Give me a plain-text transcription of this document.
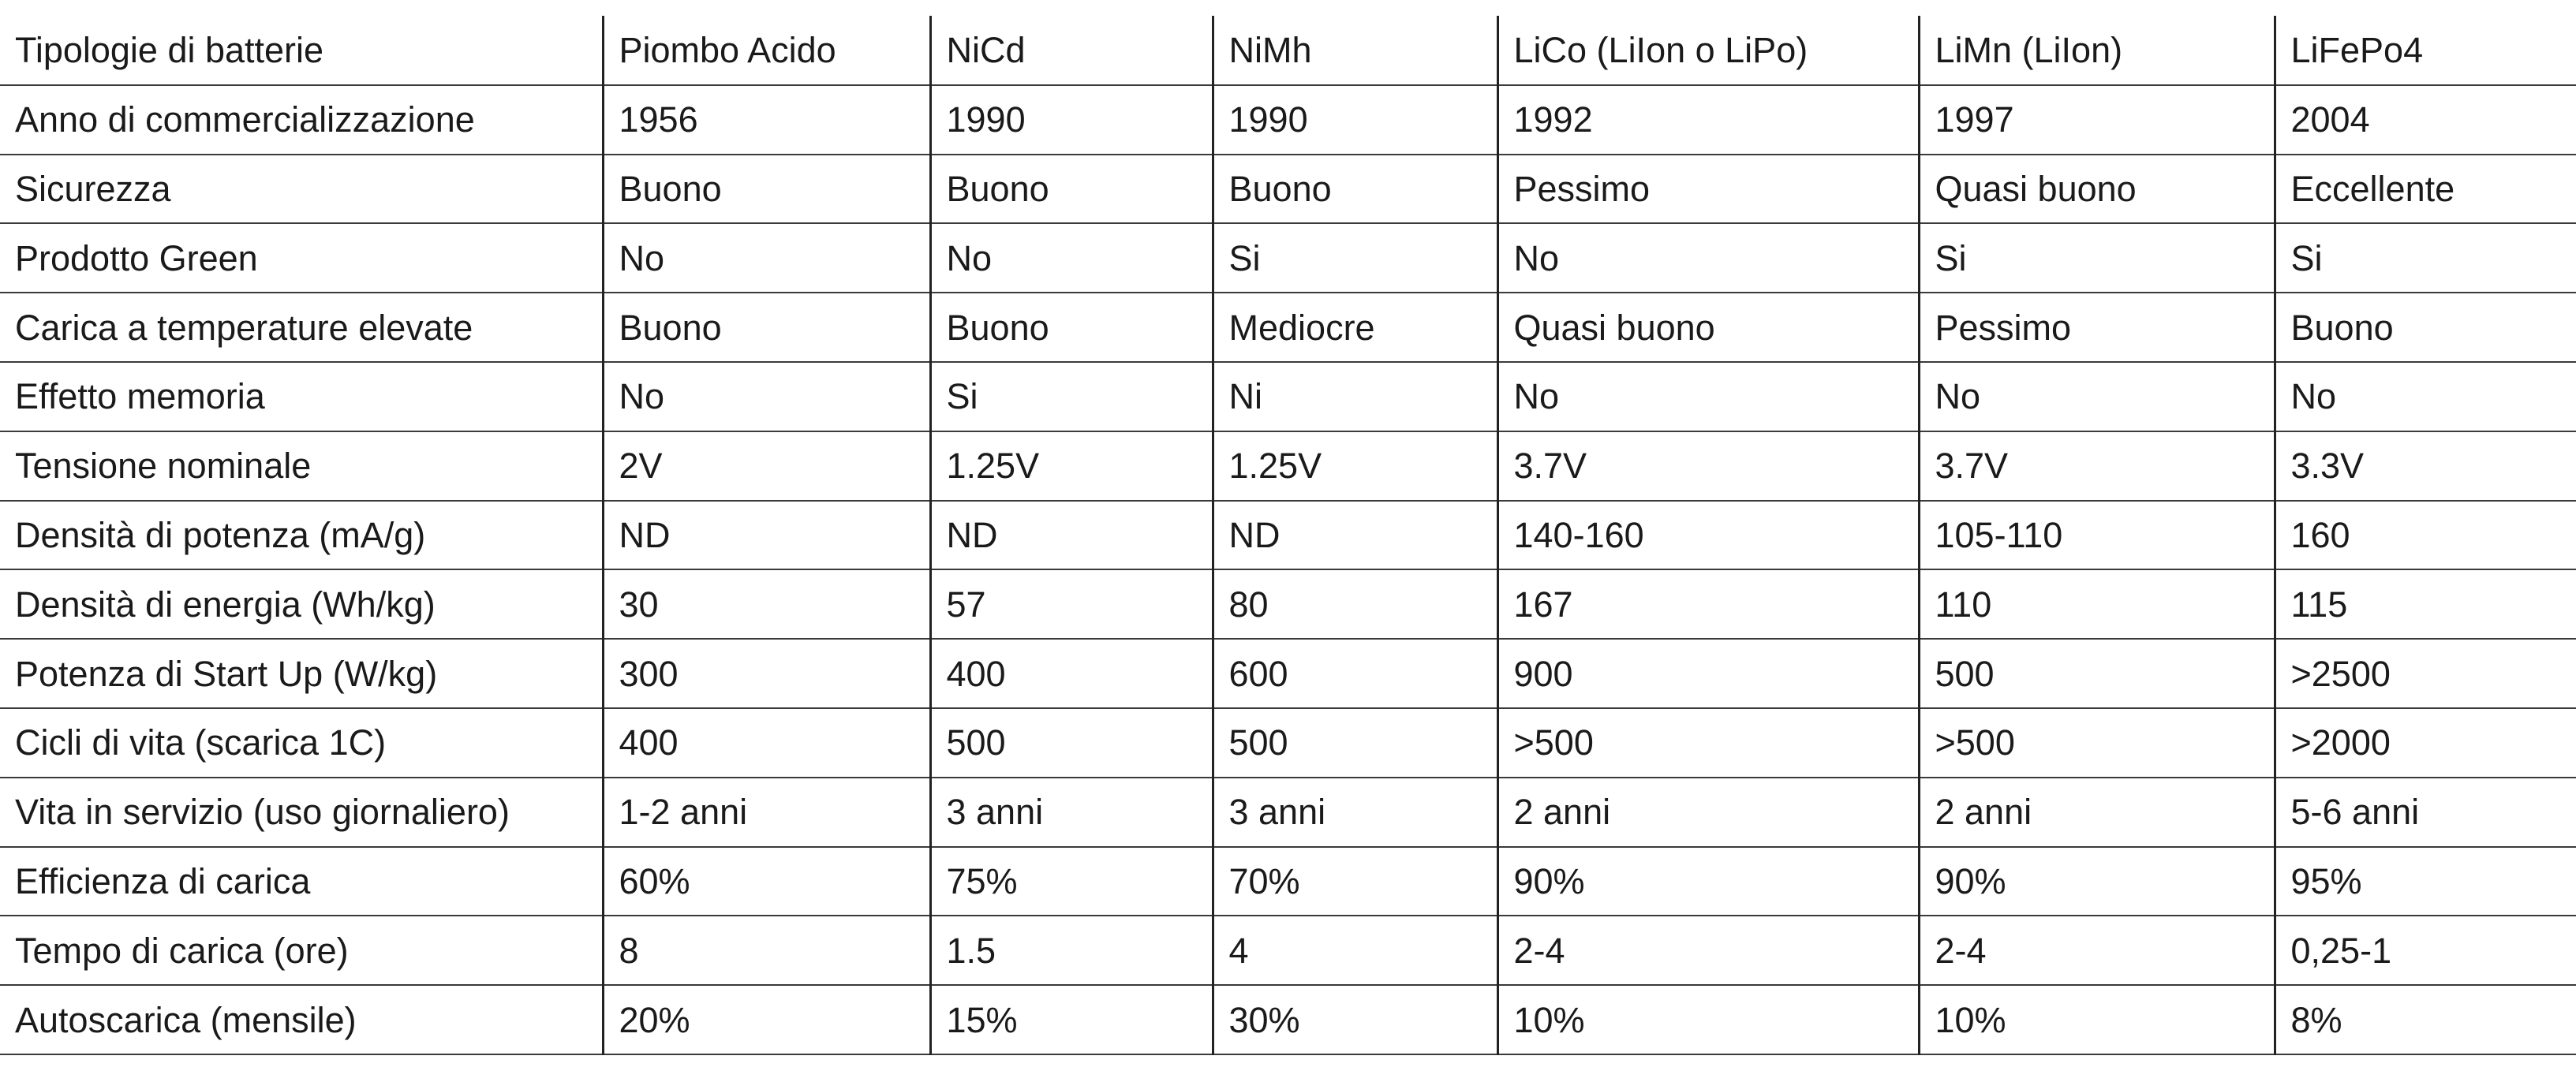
Tipologie di batterie	Piombo Acido	NiCd	NiMh	LiCo (LiIon o LiPo)	LiMn (LiIon)	LiFePo4
Anno di commercializzazione	1956	1990	1990	1992	1997	2004
Sicurezza	Buono	Buono	Buono	Pessimo	Quasi buono	Eccellente
Prodotto Green	No	No	Si	No	Si	Si
Carica a temperature elevate	Buono	Buono	Mediocre	Quasi buono	Pessimo	Buono
Effetto memoria	No	Si	Ni	No	No	No
Tensione nominale	2V	1.25V	1.25V	3.7V	3.7V	3.3V
Densità di potenza (mA/g)	ND	ND	ND	140-160	105-110	160
Densità di energia (Wh/kg)	30	57	80	167	110	115
Potenza di Start Up (W/kg)	300	400	600	900	500	>2500
Cicli di vita (scarica 1C)	400	500	500	>500	>500	>2000
Vita in servizio (uso giornaliero)	1-2 anni	3 anni	3 anni	2 anni	2 anni	5-6 anni
Efficienza di carica	60%	75%	70%	90%	90%	95%
Tempo di carica (ore)	8	1.5	4	2-4	2-4	0,25-1
Autoscarica (mensile)	20%	15%	30%	10%	10%	8%
